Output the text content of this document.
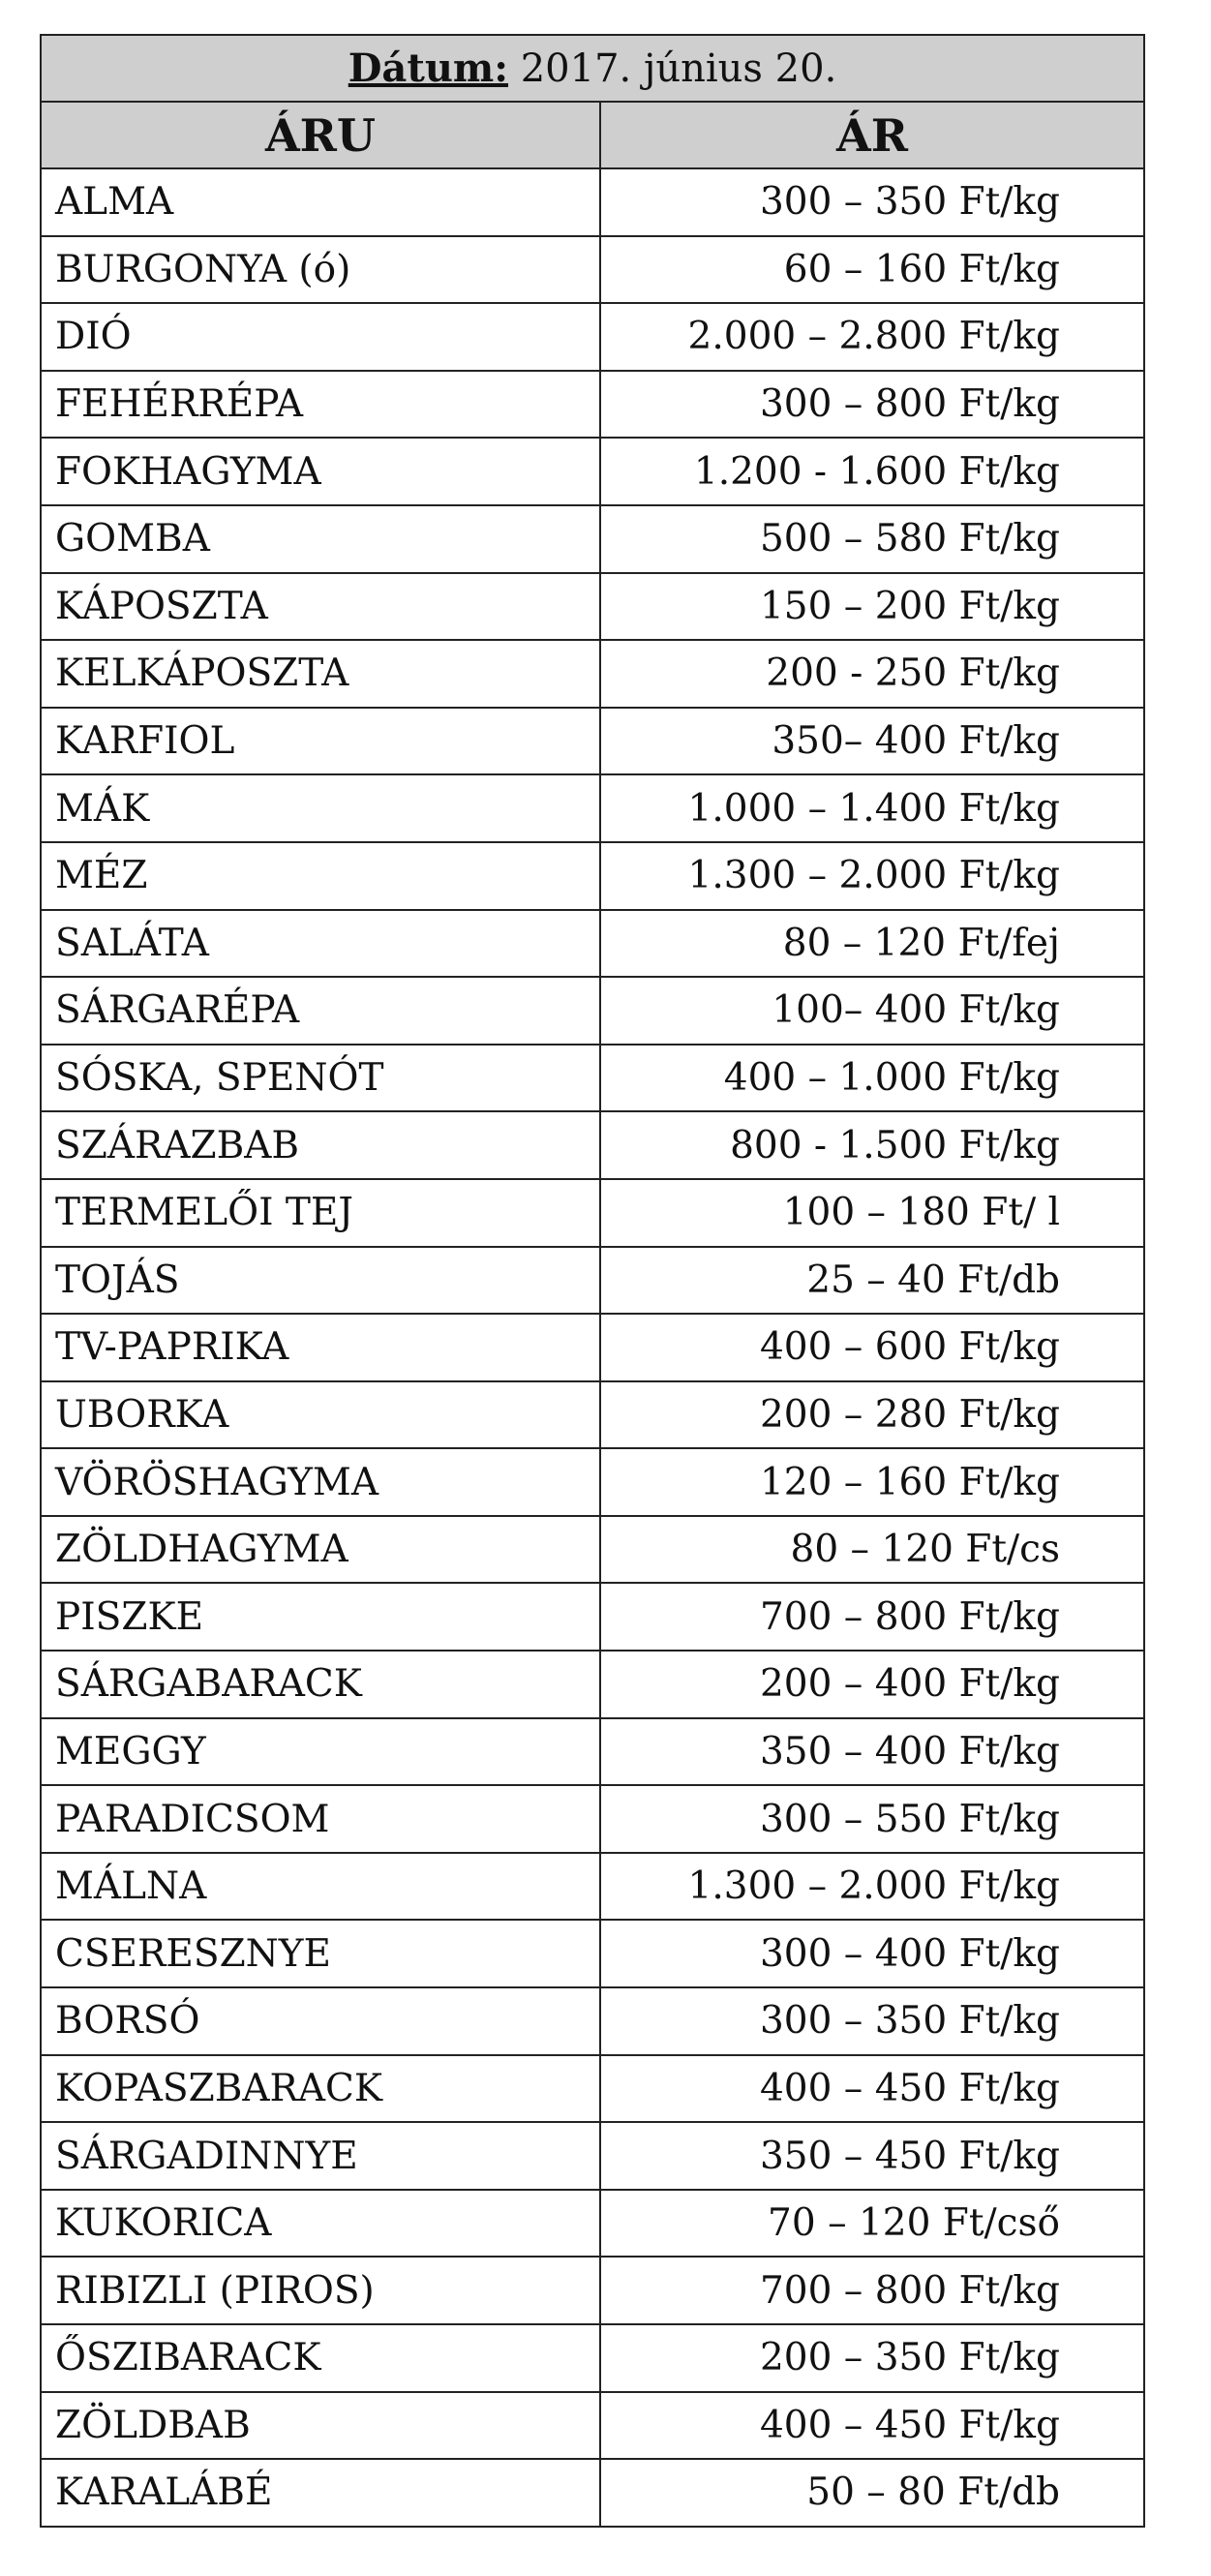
Dátum: 2017. június 20.	
ÁRU	ÁR
ALMA	300 – 350 Ft/kg
BURGONYA (ó)	60 – 160 Ft/kg
DIÓ	2.000 – 2.800 Ft/kg
FEHÉRRÉPA	300 – 800 Ft/kg
FOKHAGYMA	1.200 - 1.600 Ft/kg
GOMBA	500 – 580 Ft/kg
KÁPOSZTA	150 – 200 Ft/kg
KELKÁPOSZTA	200 - 250 Ft/kg
KARFIOL	350– 400 Ft/kg
MÁK	1.000 – 1.400 Ft/kg
MÉZ	1.300 – 2.000 Ft/kg
SALÁTA	80 – 120 Ft/fej
SÁRGARÉPA	100– 400 Ft/kg
SÓSKA, SPENÓT	400 – 1.000 Ft/kg
SZÁRAZBAB	800 - 1.500 Ft/kg
TERMELŐI TEJ	100 – 180 Ft/ l
TOJÁS	25 – 40 Ft/db
TV-PAPRIKA	400 – 600 Ft/kg
UBORKA	200 – 280 Ft/kg
VÖRÖSHAGYMA	120 – 160 Ft/kg
ZÖLDHAGYMA	80 – 120 Ft/cs
PISZKE	700 – 800 Ft/kg
SÁRGABARACK	200 – 400 Ft/kg
MEGGY	350 – 400 Ft/kg
PARADICSOM	300 – 550 Ft/kg
MÁLNA	1.300 – 2.000 Ft/kg
CSERESZNYE	300 – 400 Ft/kg
BORSÓ	300 – 350 Ft/kg
KOPASZBARACK	400 – 450 Ft/kg
SÁRGADINNYE	350 – 450 Ft/kg
KUKORICA	70 – 120 Ft/cső
RIBIZLI (PIROS)	700 – 800 Ft/kg
ŐSZIBARACK	200 – 350 Ft/kg
ZÖLDBAB	400 – 450 Ft/kg
KARALÁBÉ	50 – 80 Ft/db
